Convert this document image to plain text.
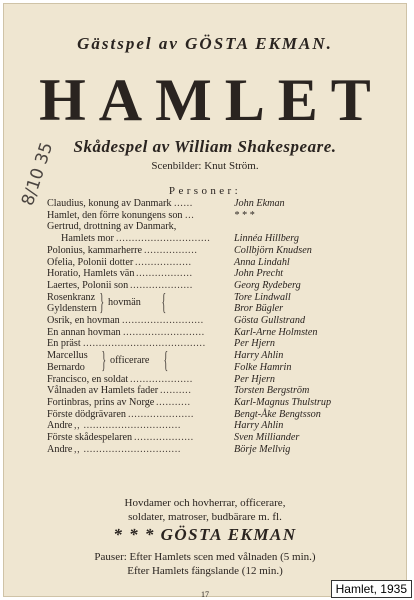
Gästspel av GÖSTA EKMAN.
HAMLET
Skådespel av William Shakespeare.
Scenbilder: Knut Ström.
Personer:
8/10 35
Claudius, konung av Danmark ......	John Ekman
Hamlet, den förre konungens son ...	* * *
Gertrud, drottning av Danmark,
Hamlets mor ..............................	Linnéa Hillberg
Polonius, kammarherre .................	Collbjörn Knudsen
Ofelia, Polonii dotter ..................	Anna Lindahl
Horatio, Hamlets vän ..................	John Precht
Laertes, Polonii son ....................	Georg Rydeberg
Rosenkranz	Tore Lindwall
Gyldenstern	Bror Bügler
Osrik, en hovman ..........................	Gösta Gullstrand
En annan hovman ..........................	Karl-Arne Holmsten
En präst .......................................	Per Hjern
Marcellus	Harry Ahlin
Bernardo	Folke Hamrin
Francisco, en soldat ....................	Per Hjern
Vålnaden av Hamlets fader ..........	Torsten Bergström
Fortinbras, prins av Norge ...........	Karl-Magnus Thulstrup
Förste dödgrävaren .....................	Bengt-Åke Bengtsson
Andre ,, ...............................	Harry Ahlin
Förste skådespelaren ...................	Sven Milliander
Andre ,, ...............................	Börje Mellvig
} hovmän {
} officerare {
Hovdamer och hovherrar, officerare,
soldater, matroser, budbärare m. fl.
* * * GÖSTA EKMAN
Pauser: Efter Hamlets scen med vålnaden (5 min.)
Efter Hamlets fängslande (12 min.)
17	Hamlet, 1935
